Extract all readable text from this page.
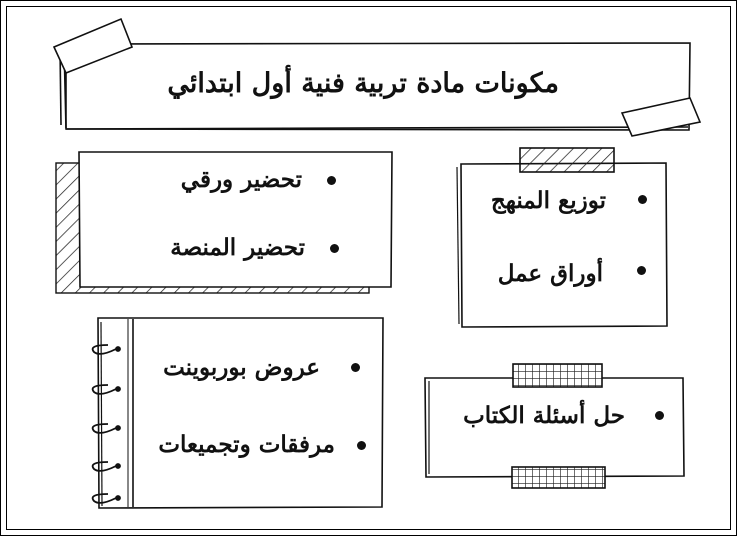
مكونات مادة تربية فنية أول ابتدائي
تحضير ورقي
تحضير المنصة
توزيع المنهج
أوراق عمل
عروض بوربوينت
مرفقات وتجميعات
حل أسئلة الكتاب
